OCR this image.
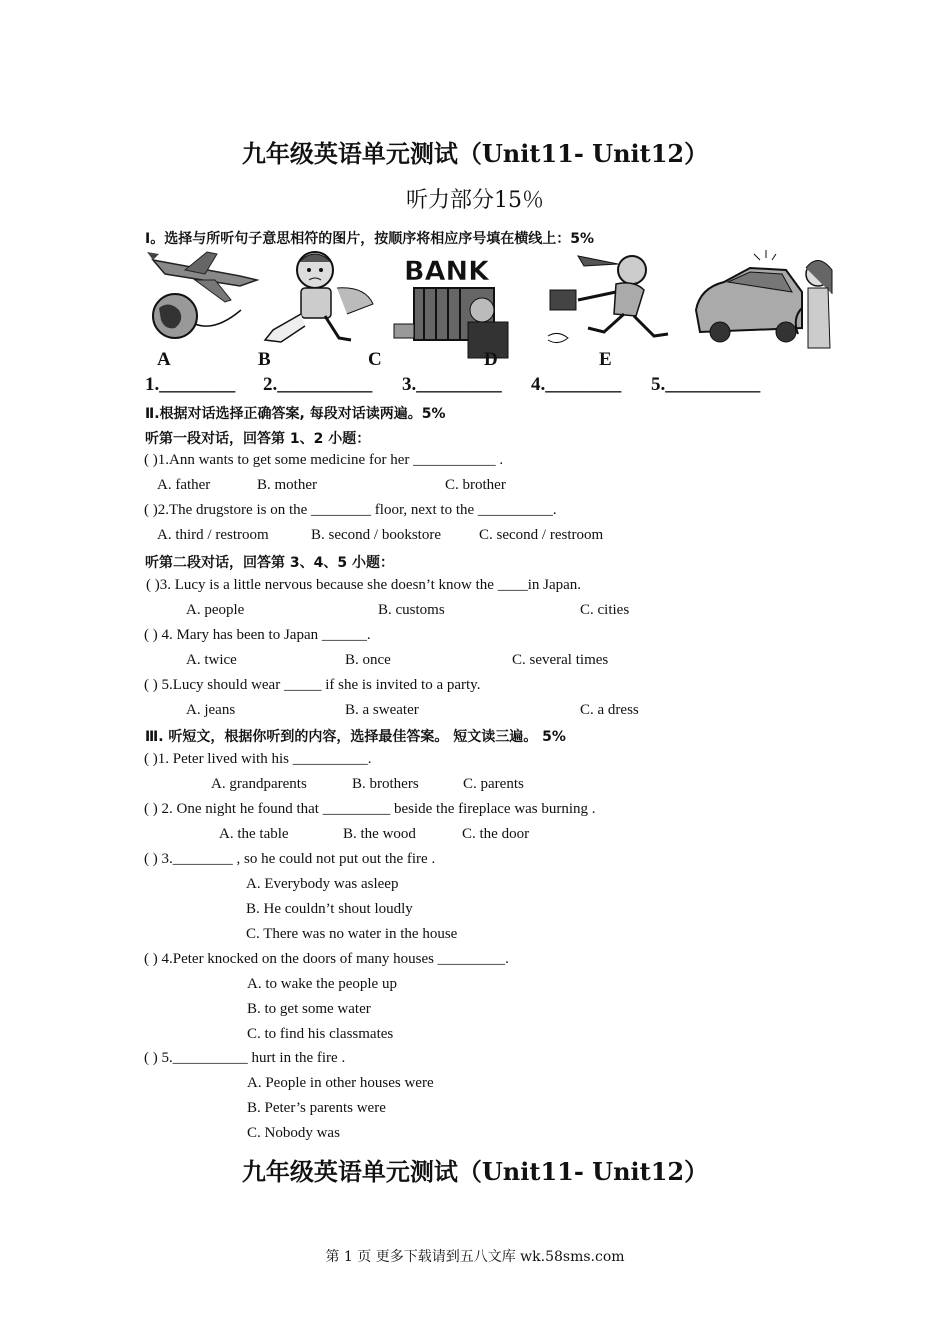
九年级英语单元测试（Unit11- Unit12）
听力部分15％
Ⅰ。选择与所听句子意思相符的图片，按顺序将相应序号填在横线上：5%
BANK
A	B	C	D	E
1.________ 2.__________ 3._________ 4.________ 5.__________
Ⅱ.根据对话选择正确答案, 每段对话读两遍。5%
听第一段对话，回答第 1、2 小题：
( )1.Ann wants to get some medicine for her ___________ .
A. father	B. mother	C. brother
( )2.The drugstore is on the ________ floor, next to the __________.
A. third / restroom	B. second / bookstore	C. second / restroom
听第二段对话，回答第 3、4、5 小题：
( )3. Lucy is a little nervous because she doesn’t know the ____in Japan.
A. people	B. customs	C. cities
( ) 4. Mary has been to Japan ______.
A. twice	B. once	C. several times
( ) 5.Lucy should wear _____ if she is invited to a party.
A. jeans	B. a sweater	C. a dress
Ⅲ. 听短文，根据你听到的内容，选择最佳答案。 短文读三遍。 5%
( )1. Peter lived with his __________.
A. grandparents	B. brothers	C. parents
( ) 2. One night he found that _________ beside the fireplace was burning .
A. the table	B. the wood	C. the door
( ) 3.________ , so he could not put out the fire .
A. Everybody was asleep
B. He couldn’t shout loudly
C. There was no water in the house
( ) 4.Peter knocked on the doors of many houses _________.
A. to wake the people up
B. to get some water
C. to find his classmates
( ) 5.__________ hurt in the fire .
A. People in other houses were
B. Peter’s parents were
C. Nobody was
九年级英语单元测试（Unit11- Unit12）
第 1 页 更多下载请到五八文库 wk.58sms.com
